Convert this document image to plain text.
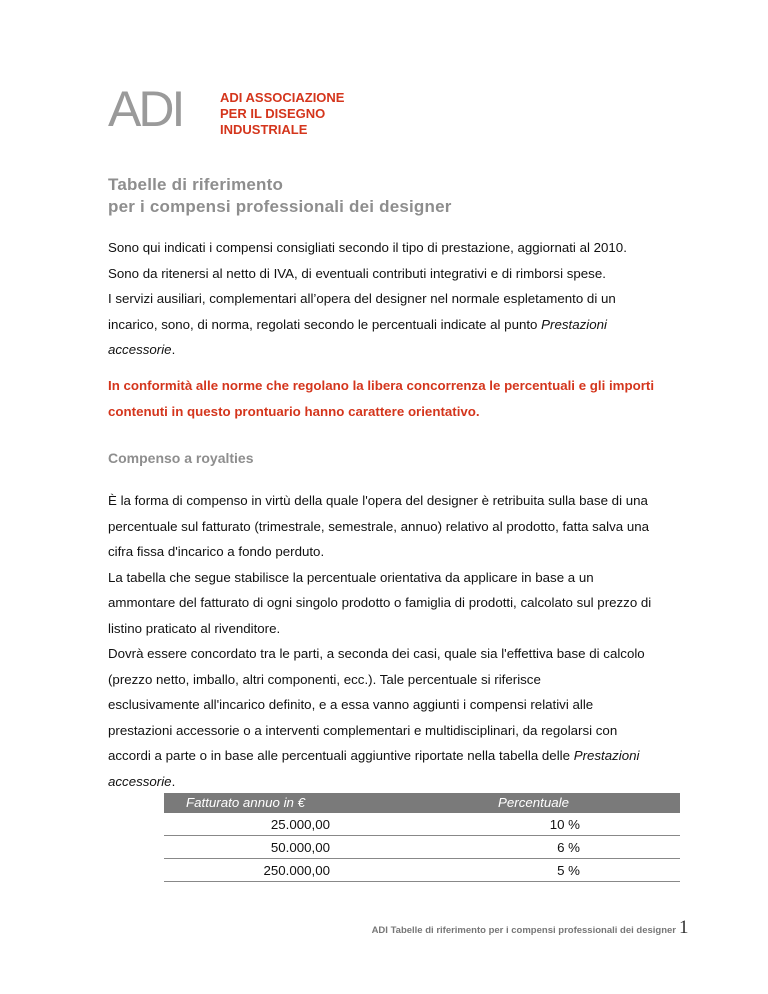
ADI	ADI ASSOCIAZIONE
PER IL DISEGNO
INDUSTRIALE
Tabelle di riferimento
per i compensi professionali dei designer
Sono qui indicati i compensi consigliati secondo il tipo di prestazione, aggiornati al 2010.
Sono da ritenersi al netto di IVA, di eventuali contributi integrativi e di rimborsi spese.
I servizi ausiliari, complementari all’opera del designer nel normale espletamento di un
incarico, sono, di norma, regolati secondo le percentuali indicate al punto Prestazioni
accessorie.
In conformità alle norme che regolano la libera concorrenza le percentuali e gli importi
contenuti in questo prontuario hanno carattere orientativo.
Compenso a royalties
È la forma di compenso in virtù della quale l'opera del designer è retribuita sulla base di una
percentuale sul fatturato (trimestrale, semestrale, annuo) relativo al prodotto, fatta salva una
cifra fissa d'incarico a fondo perduto.
La tabella che segue stabilisce la percentuale orientativa da applicare in base a un
ammontare del fatturato di ogni singolo prodotto o famiglia di prodotti, calcolato sul prezzo di
listino praticato al rivenditore.
Dovrà essere concordato tra le parti, a seconda dei casi, quale sia l'effettiva base di calcolo
(prezzo netto, imballo, altri componenti, ecc.). Tale percentuale si riferisce
esclusivamente all'incarico definito, e a essa vanno aggiunti i compensi relativi alle
prestazioni accessorie o a interventi complementari e multidisciplinari, da regolarsi con
accordi a parte o in base alle percentuali aggiuntive riportate nella tabella delle Prestazioni
accessorie.
Fatturato annuo in €	Percentuale
25.000,00	10 %
50.000,00	6 %
250.000,00	5 %
ADI Tabelle di riferimento per i compensi professionali dei designer 1
